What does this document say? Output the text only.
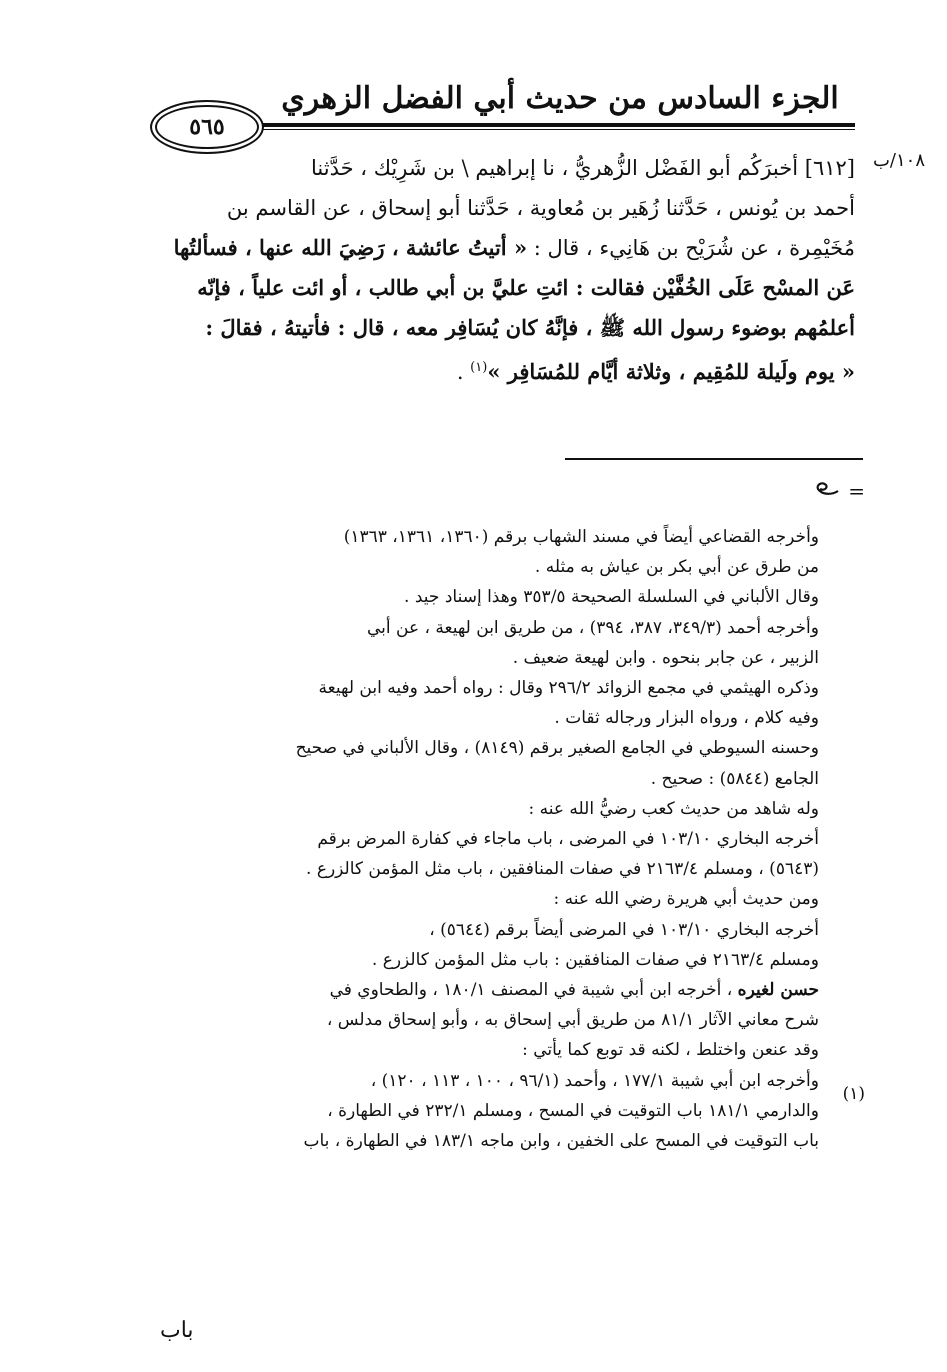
الجزء السادس من حديث أبي الفضل الزهري
٥٦٥
١٠٨/ب

[٦١٢] أخبرَكُم أبو الفَضْل الزُّهريُّ ، نا إبراهيم \ بن شَرِيْك ، حَدَّثنا

أحمد بن يُونس ، حَدَّثنا زُهَير بن مُعاوية ، حَدَّثنا أبو إسحاق ، عن القاسم بن

مُخَيْمِرة ، عن شُرَيْح بن هَانِيء ، قال : « أتيتُ عائشة ، رَضِيَ الله عنها ، فسألتُها

عَن المسْح عَلَى الخُفَّيْن فقالت : ائتِ عليَّ بن أبي طالب ، أو ائت علياً ، فإنّه

أعلمُهم بوضوء رسول الله ﷺ ، فإنَّهُ كان يُسَافِر معه ، قال : فأتيتهُ ، فقالَ :

« يوم ولَيلة للمُقِيم ، وثلاثة أيَّام للمُسَافِر »$^{(١)}$ .

=

وأخرجه القضاعي أيضاً في مسند الشهاب برقم (١٣٦٠، ١٣٦١، ١٣٦٣)

من طرق عن أبي بكر بن عياش به مثله .

وقال الألباني في السلسلة الصحيحة ٣٥٣/٥ وهذا إسناد جيد .

وأخرجه أحمد (٣٤٩/٣، ٣٨٧، ٣٩٤) ، من طريق ابن لهيعة ، عن أبي

الزبير ، عن جابر بنحوه . وابن لهيعة ضعيف .

وذكره الهيثمي في مجمع الزوائد ٢٩٦/٢ وقال : رواه أحمد وفيه ابن لهيعة

وفيه كلام ، ورواه البزار ورجاله ثقات .

وحسنه السيوطي في الجامع الصغير برقم (٨١٤٩) ، وقال الألباني في صحيح

الجامع (٥٨٤٤) : صحيح .

وله شاهد من حديث كعب رضيُّ الله عنه :

أخرجه البخاري ١٠٣/١٠ في المرضى ، باب ماجاء في كفارة المرض برقم

(٥٦٤٣) ، ومسلم ٢١٦٣/٤ في صفات المنافقين ، باب مثل المؤمن كالزرع .

ومن حديث أبي هريرة رضي الله عنه :

أخرجه البخاري ١٠٣/١٠ في المرضى أيضاً برقم (٥٦٤٤) ،

ومسلم ٢١٦٣/٤ في صفات المنافقين : باب مثل المؤمن كالزرع .

حسن لغيره ، أخرجه ابن أبي شيبة في المصنف ١٨٠/١ ، والطحاوي في

شرح معاني الآثار ٨١/١ من طريق أبي إسحاق به ، وأبو إسحاق مدلس ،

وقد عنعن واختلط ، لكنه قد توبع كما يأتي :

وأخرجه ابن أبي شيبة ١٧٧/١ ، وأحمد (٩٦/١ ، ١٠٠ ، ١١٣ ، ١٢٠) ،

والدارمي ١٨١/١ باب التوقيت في المسح ، ومسلم ٢٣٢/١ في الطهارة ،

باب التوقيت في المسح على الخفين ، وابن ماجه ١٨٣/١ في الطهارة ، باب

(١)
باب
